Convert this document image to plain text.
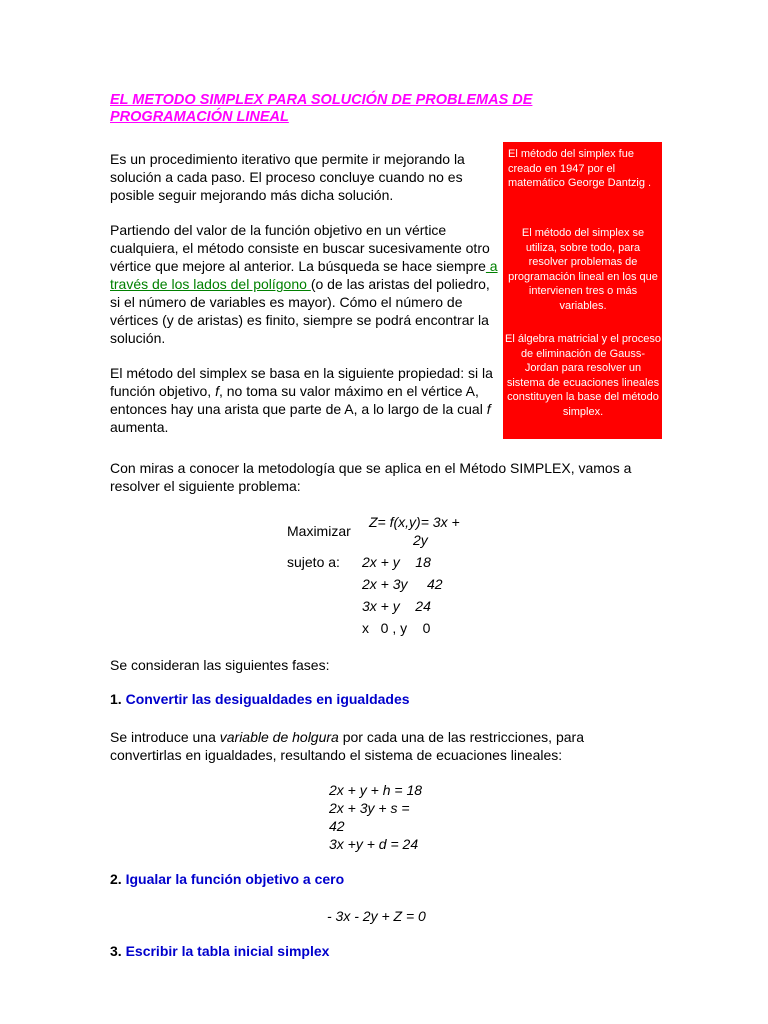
EL METODO SIMPLEX PARA SOLUCIÓN DE PROBLEMAS DE PROGRAMACIÓN LINEAL
Es un procedimiento iterativo que permite ir mejorando la solución a cada paso. El proceso concluye cuando no es posible seguir mejorando más dicha solución.
Partiendo del valor de la función objetivo en un vértice cualquiera, el método consiste en buscar sucesivamente otro vértice que mejore al anterior. La búsqueda se hace siempre a través de los lados del polígono (o de las aristas del poliedro, si el número de variables es mayor). Cómo el número de vértices (y de aristas) es finito, siempre se podrá encontrar la solución.
El método del simplex se basa en la siguiente propiedad: si la función objetivo, f, no toma su valor máximo en el vértice A, entonces hay una arista que parte de A, a lo largo de la cual f aumenta.
El método del simplex fue creado en 1947 por el matemático George Dantzig .
El método del simplex se utiliza, sobre todo, para resolver problemas de programación lineal en los que intervienen tres o más variables.
El álgebra matricial y el proceso de eliminación de Gauss-Jordan para resolver un sistema de ecuaciones lineales constituyen la base del método simplex.
Con miras a conocer la metodología que se aplica en el Método SIMPLEX, vamos a resolver el siguiente problema:
Maximizar
Z= f(x,y)= 3x +
2y
sujeto a: 2x + y    18
2x + 3y     42
3x + y    24
x   0 , y    0
Se consideran las siguientes fases:
1. Convertir las desigualdades en igualdades
Se introduce una variable de holgura por cada una de las restricciones, para convertirlas en igualdades, resultando el sistema de ecuaciones lineales:
2x + y + h = 18
2x + 3y + s =
42
3x +y + d = 24
2. Igualar la función objetivo a cero
- 3x - 2y + Z = 0
3. Escribir la tabla inicial simplex
